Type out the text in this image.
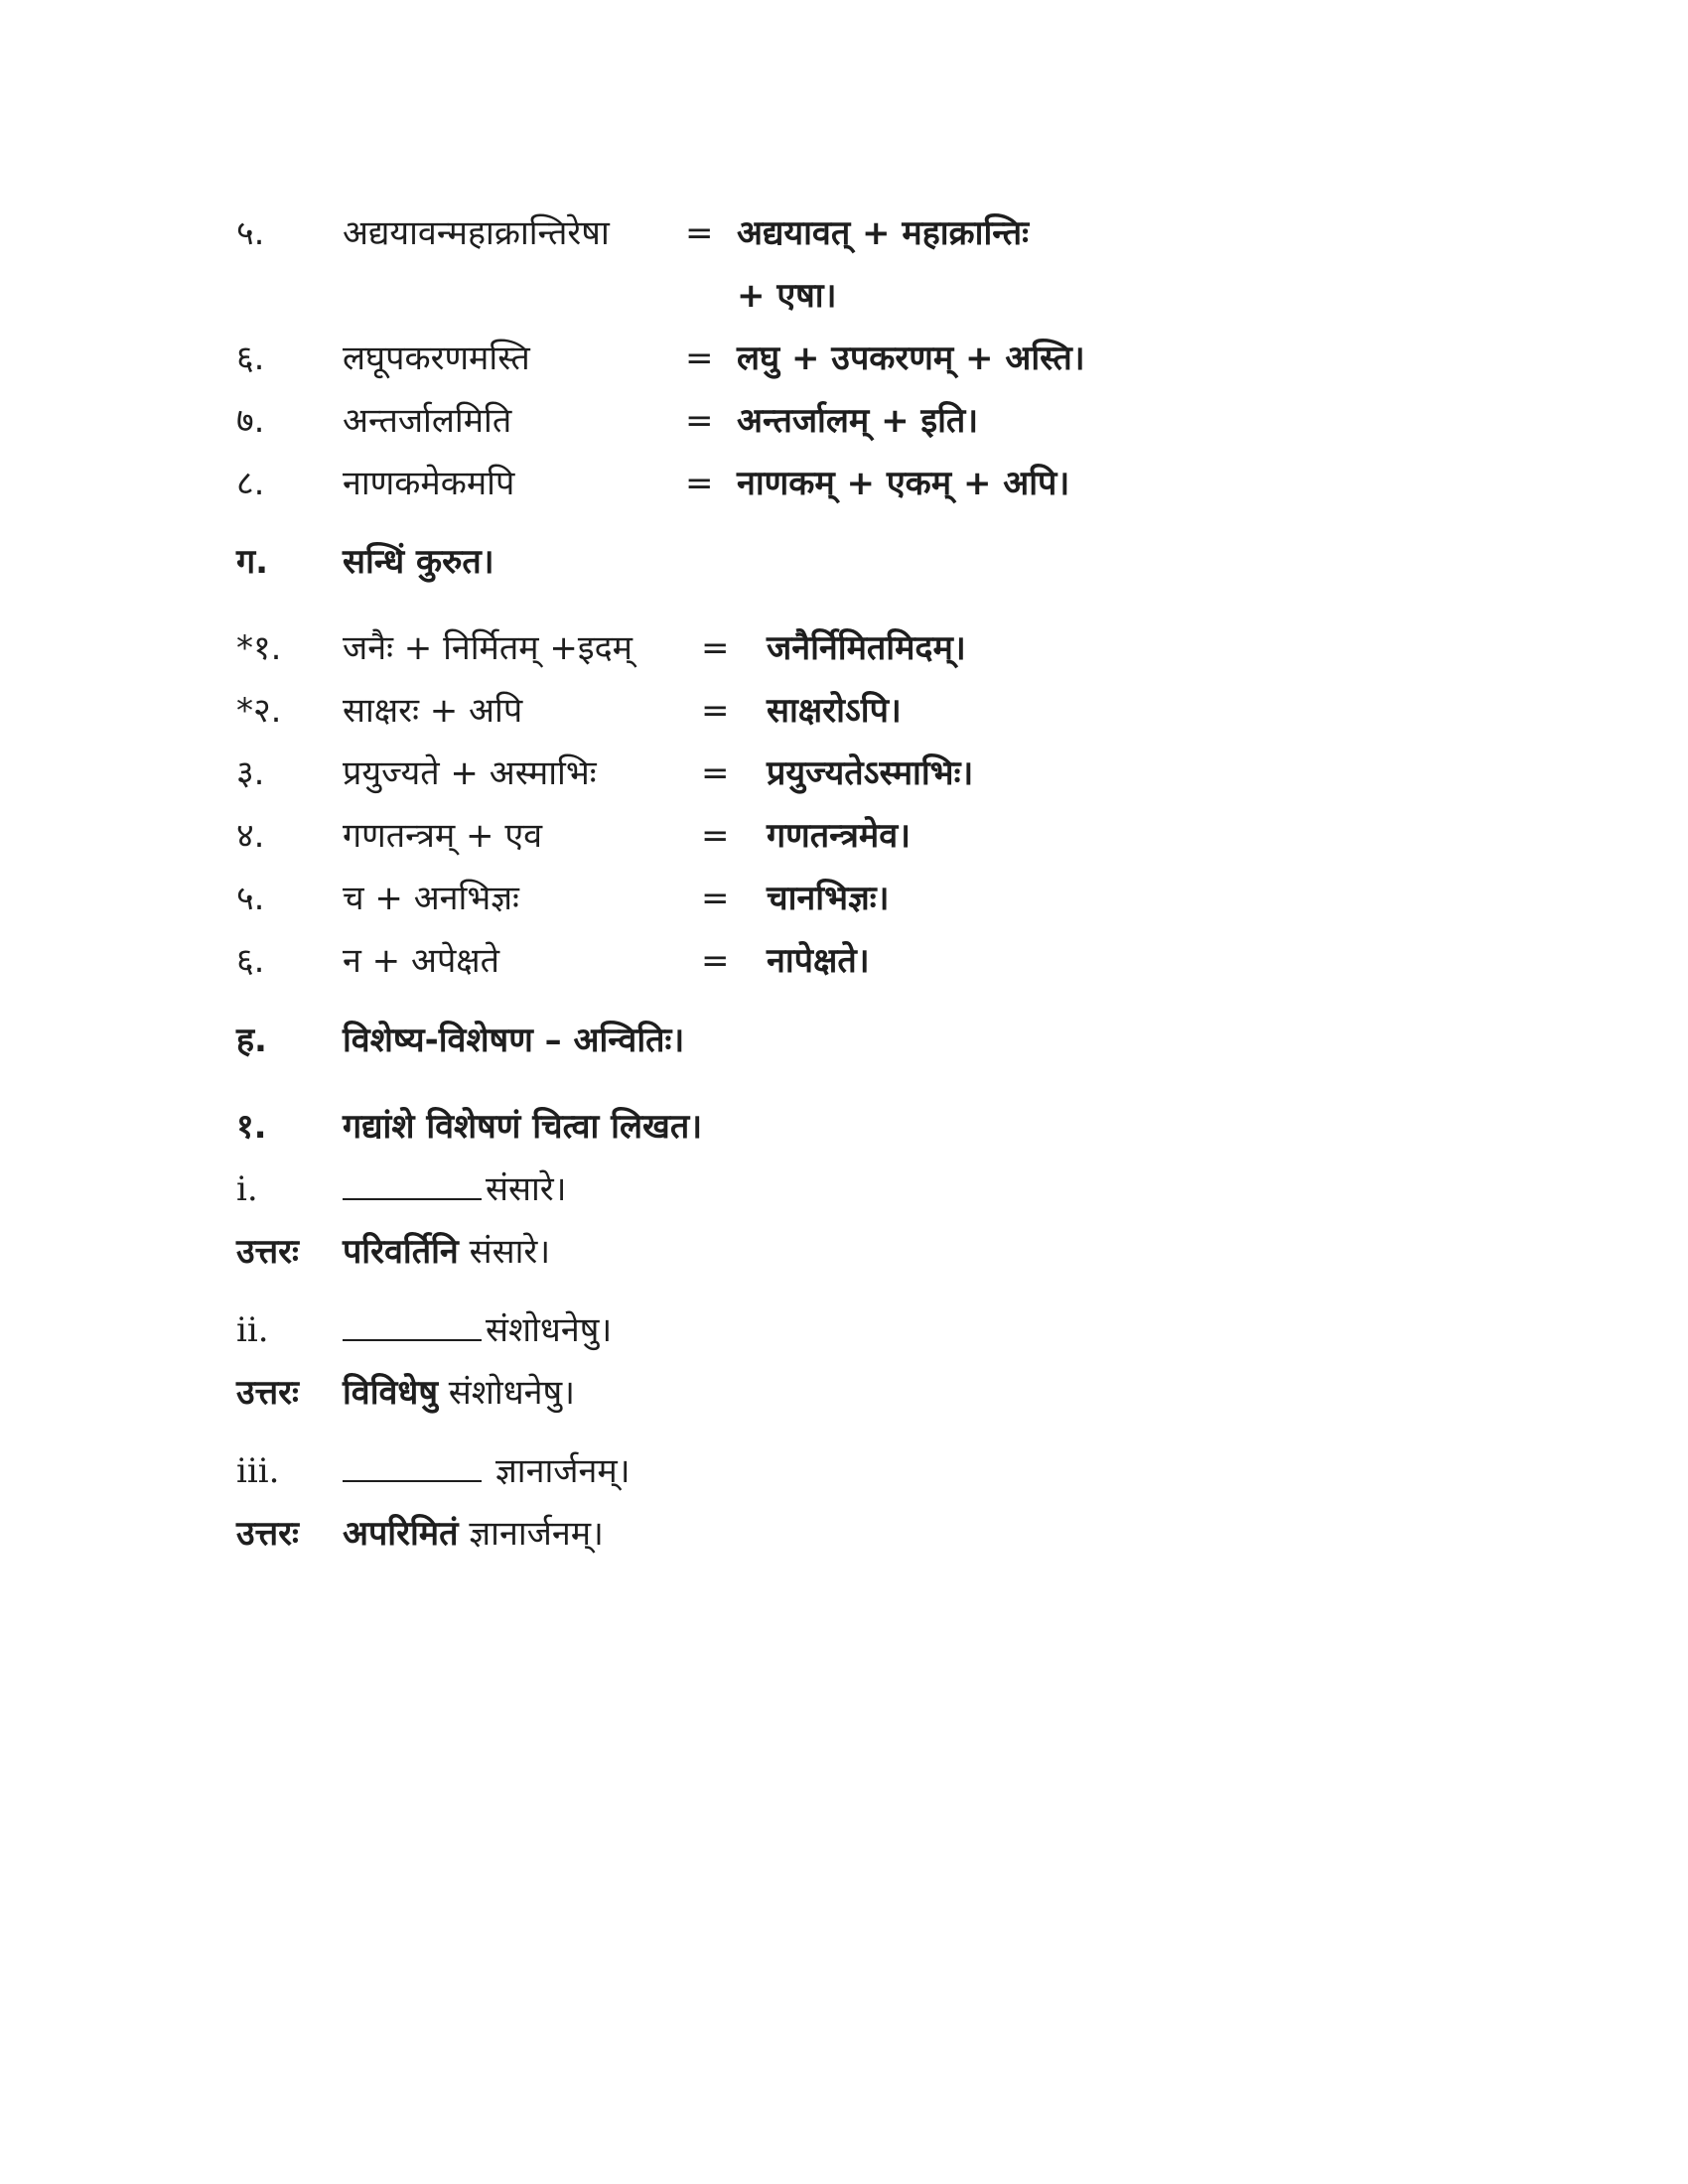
५. अद्ययावन्महाक्रान्तिरेषा = अद्ययावत् + महाक्रान्तिः
+ एषा।
६. लघूपकरणमस्ति	= लघु + उपकरणम् + अस्ति।
७. अन्तर्जालमिति	= अन्तर्जालम् + इति।
८. नाणकमेकमपि	= नाणकम् + एकम् + अपि।
ग. सन्धिं कुरुत।
*१. जनैः + निर्मितम् +इदम् = जनैर्निमितमिदम्।
*२. साक्षरः + अपि	= साक्षरोऽपि।
३. प्रयुज्यते + अस्माभिः	= प्रयुज्यतेऽस्माभिः।
४. गणतन्त्रम् + एव	= गणतन्त्रमेव।
५. च + अनभिज्ञः	= चानभिज्ञः।
६. न + अपेक्षते	= नापेक्षते।
ह. विशेष्य-विशेषण – अन्वितिः।
१. गद्यांशे विशेषणं चित्वा लिखत।
i.	संसारे।
उत्तरः परिवर्तिनि संसारे।
ii.	संशोधनेषु।
उत्तरः विविधेषु संशोधनेषु।
iii.	ज्ञानार्जनम्।
उत्तरः अपरिमितं ज्ञानार्जनम्।
